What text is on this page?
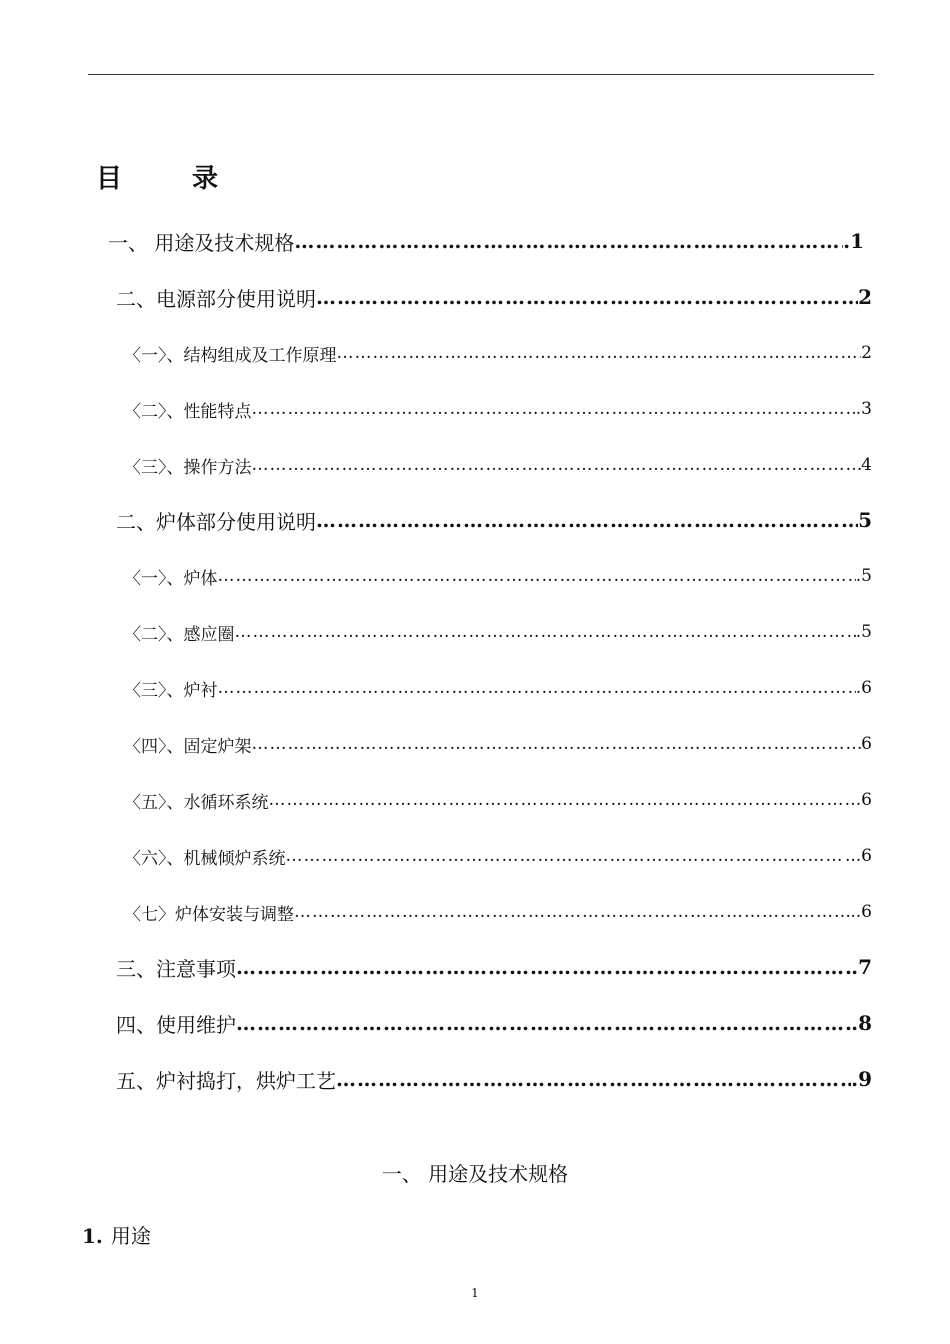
目	录
一、 用途及技术规格 ……………………………………………………………………………………………………………………………………………………………………………………………………………………………	.1
二、电源部分使用说明 ……………………………………………………………………………………………………………………………………………………………………………………………………………………………	2
〈一〉、结构组成及工作原理 ……………………………………………………………………………………………………………………………………………………………………………………………………………………………	2
〈二〉、性能特点 ……………………………………………………………………………………………………………………………………………………………………………………………………………………………	.3
〈三〉、操作方法 ……………………………………………………………………………………………………………………………………………………………………………………………………………………………	4
二、炉体部分使用说明 ……………………………………………………………………………………………………………………………………………………………………………………………………………………………	5
〈一〉、炉体 ……………………………………………………………………………………………………………………………………………………………………………………………………………………………	.5
〈二〉、感应圈 ……………………………………………………………………………………………………………………………………………………………………………………………………………………………	.5
〈三〉、炉衬 ……………………………………………………………………………………………………………………………………………………………………………………………………………………………	.6
〈四〉、固定炉架 ……………………………………………………………………………………………………………………………………………………………………………………………………………………………	6
〈五〉、水循环系统 ……………………………………………………………………………………………………………………………………………………………………………………………………………………………	.6
〈六〉、机械倾炉系统 ……………………………………………………………………………………………………………………………………………………………………………………………………………………………	...6
〈七〉炉体安装与调整 ……………………………………………………………………………………………………………………………………………………………………………………………………………………………	..6
三、注意事项 ……………………………………………………………………………………………………………………………………………………………………………………………………………………………	.7
四、使用维护 ……………………………………………………………………………………………………………………………………………………………………………………………………………………………	.8
五、炉衬捣打，烘炉工艺 ……………………………………………………………………………………………………………………………………………………………………………………………………………………………	.9
一、 用途及技术规格
1. 用途
1
